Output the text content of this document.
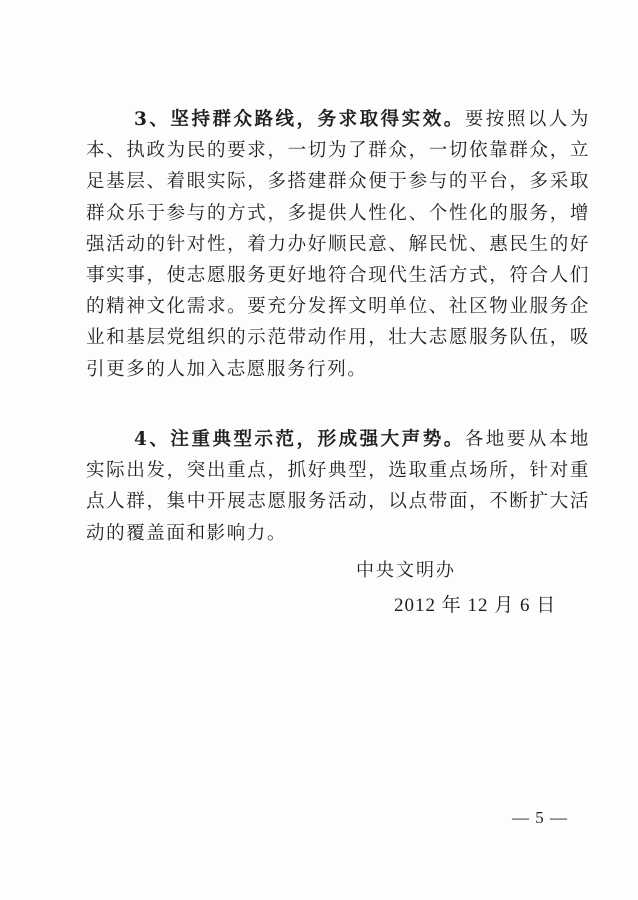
3、坚持群众路线，务求取得实效。要按照以人为本、执政为民的要求，一切为了群众，一切依靠群众，立足基层、着眼实际，多搭建群众便于参与的平台，多采取群众乐于参与的方式，多提供人性化、个性化的服务，增强活动的针对性，着力办好顺民意、解民忧、惠民生的好事实事，使志愿服务更好地符合现代生活方式，符合人们的精神文化需求。要充分发挥文明单位、社区物业服务企业和基层党组织的示范带动作用，壮大志愿服务队伍，吸引更多的人加入志愿服务行列。

4、注重典型示范，形成强大声势。各地要从本地实际出发，突出重点，抓好典型，选取重点场所，针对重点人群，集中开展志愿服务活动，以点带面，不断扩大活动的覆盖面和影响力。

中央文明办
2012 年 12 月 6 日
— 5 —
